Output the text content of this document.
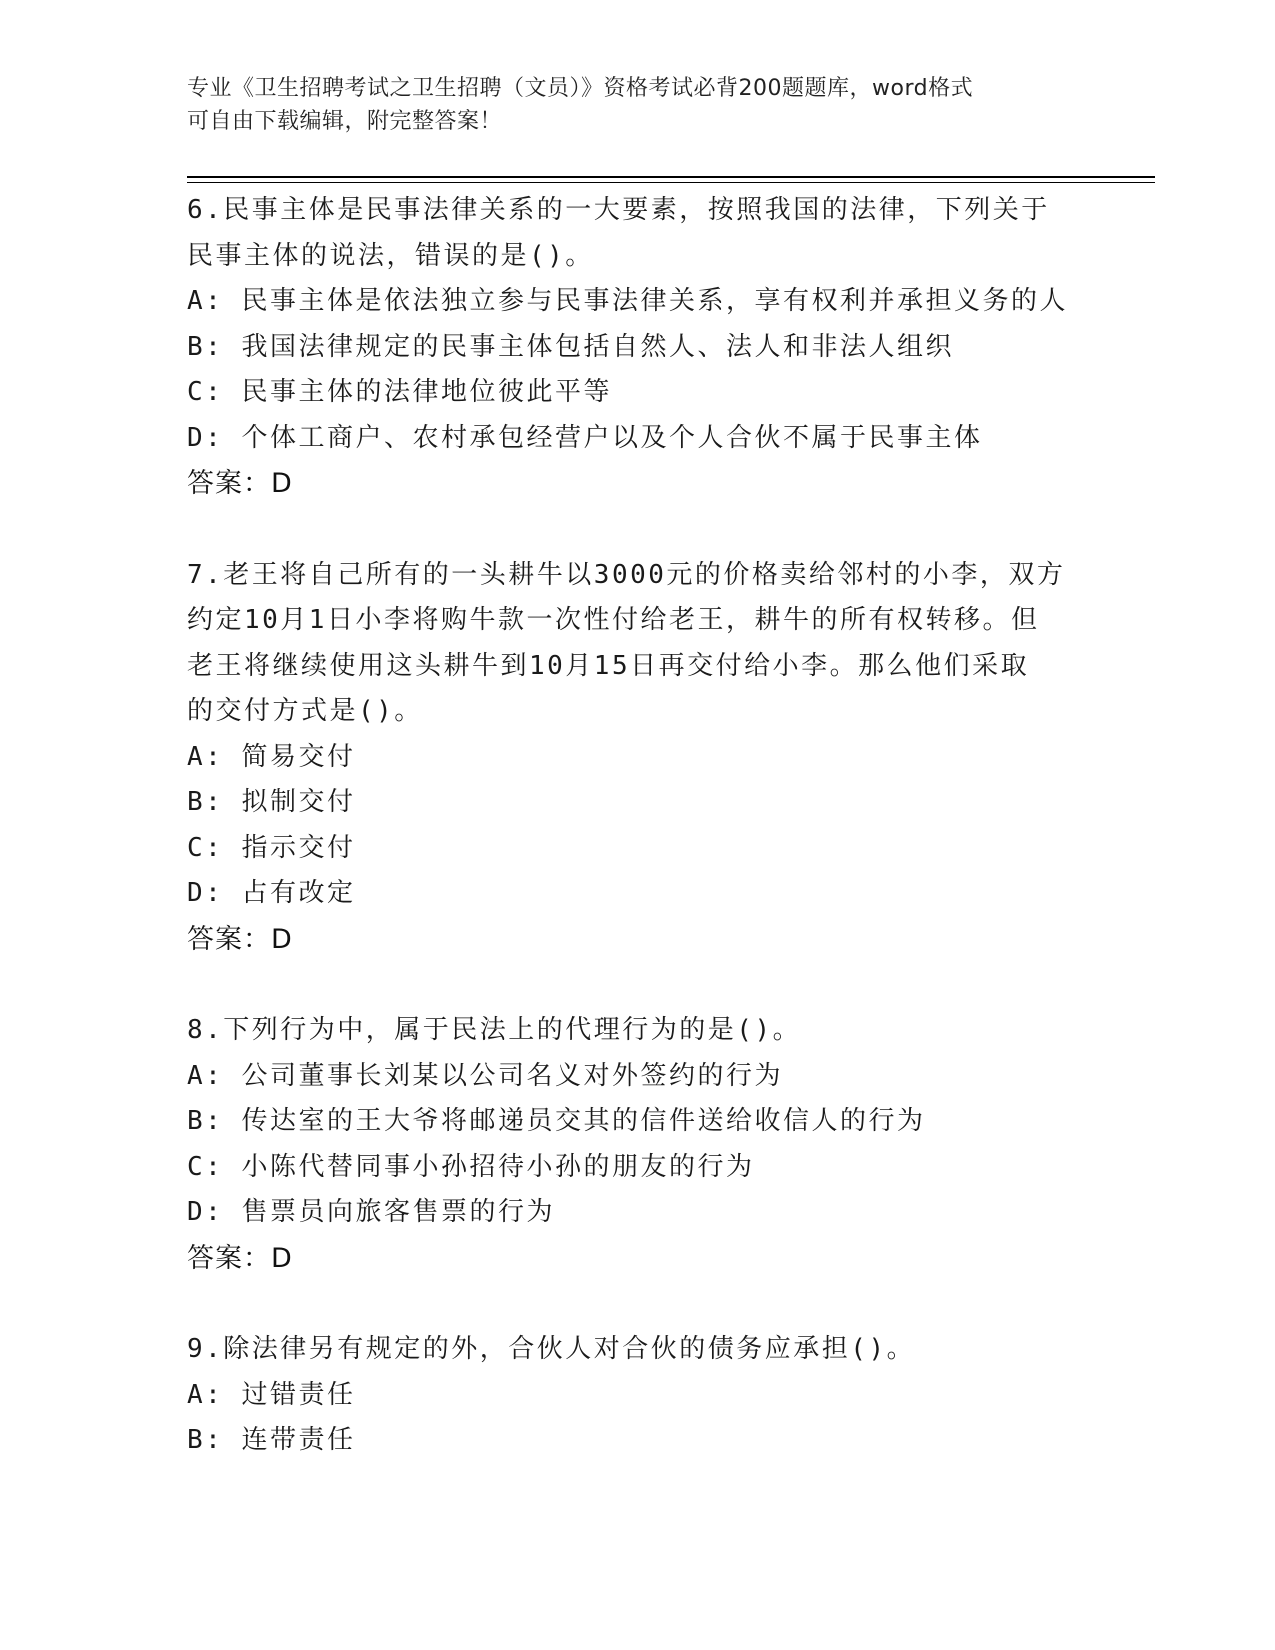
专业《卫生招聘考试之卫生招聘（文员）》资格考试必背200题题库，word格式
可自由下载编辑，附完整答案！
6.民事主体是民事法律关系的一大要素，按照我国的法律，下列关于
民事主体的说法，错误的是()。
A: 民事主体是依法独立参与民事法律关系，享有权利并承担义务的人
B: 我国法律规定的民事主体包括自然人、法人和非法人组织
C: 民事主体的法律地位彼此平等
D: 个体工商户、农村承包经营户以及个人合伙不属于民事主体
答案：D
7.老王将自己所有的一头耕牛以3000元的价格卖给邻村的小李，双方
约定10月1日小李将购牛款一次性付给老王，耕牛的所有权转移。但
老王将继续使用这头耕牛到10月15日再交付给小李。那么他们采取
的交付方式是()。
A: 简易交付
B: 拟制交付
C: 指示交付
D: 占有改定
答案：D
8.下列行为中，属于民法上的代理行为的是()。
A: 公司董事长刘某以公司名义对外签约的行为
B: 传达室的王大爷将邮递员交其的信件送给收信人的行为
C: 小陈代替同事小孙招待小孙的朋友的行为
D: 售票员向旅客售票的行为
答案：D
9.除法律另有规定的外，合伙人对合伙的债务应承担()。
A: 过错责任
B: 连带责任
